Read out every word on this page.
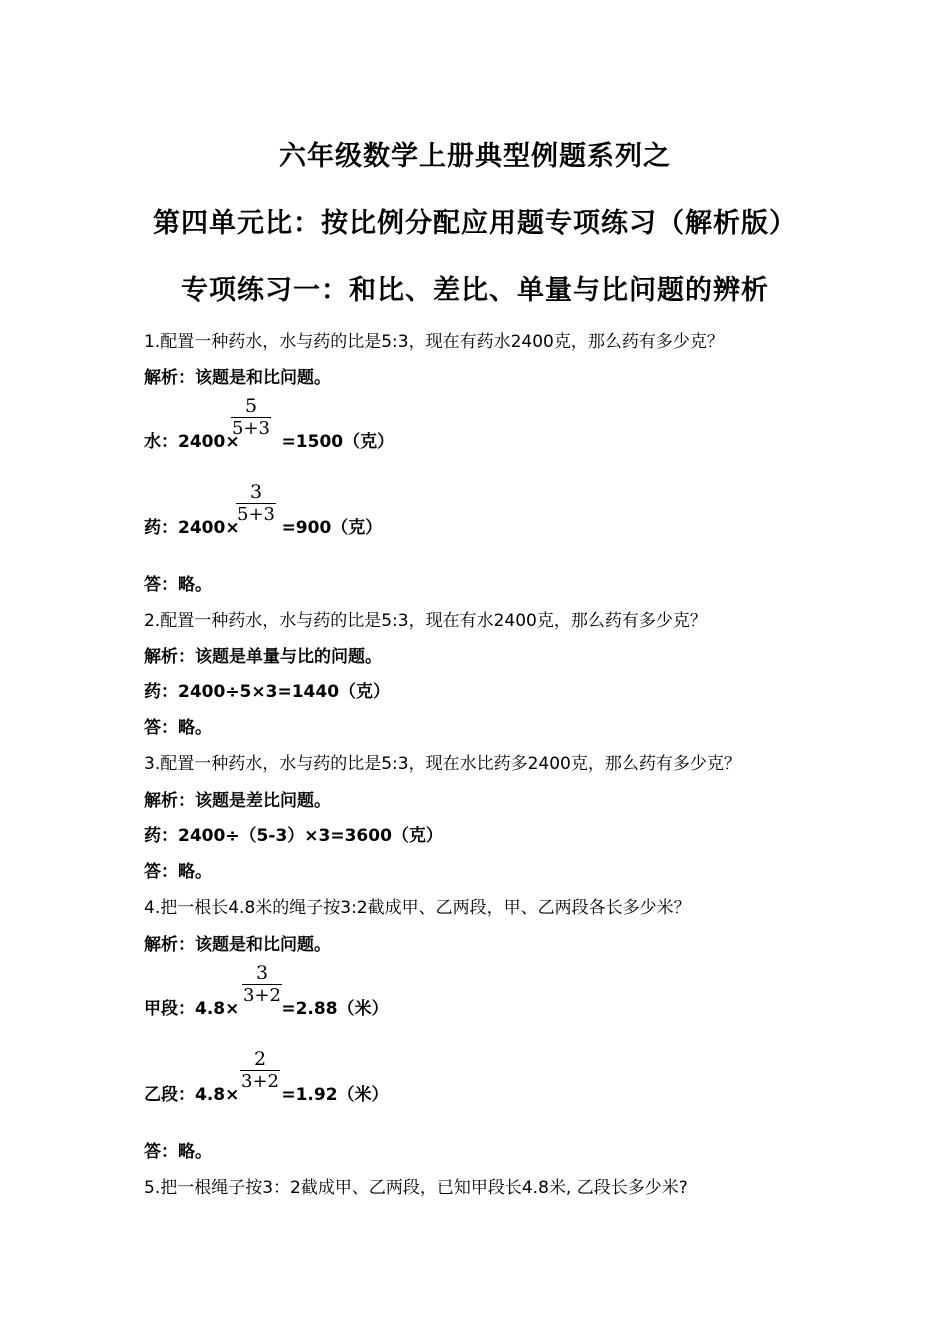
六年级数学上册典型例题系列之
第四单元比：按比例分配应用题专项练习（解析版）
专项练习一：和比、差比、单量与比问题的辨析
1.配置一种药水，水与药的比是5:3，现在有药水2400克，那么药有多少克？
解析：该题是和比问题。
水：2400× =1500（克）
5
5+3
药：2400× =900（克）
3
5+3
答：略。
2.配置一种药水，水与药的比是5:3，现在有水2400克，那么药有多少克？
解析：该题是单量与比的问题。
药：2400÷5×3=1440（克）
答：略。
3.配置一种药水，水与药的比是5:3，现在水比药多2400克，那么药有多少克？
解析：该题是差比问题。
药：2400÷（5-3）×3=3600（克）
答：略。
4.把一根长4.8米的绳子按3:2截成甲、乙两段，甲、乙两段各长多少米？
解析：该题是和比问题。
甲段：4.8× =2.88（米）
3
3+2
乙段：4.8× =1.92（米）
2
3+2
答：略。
5.把一根绳子按3：2截成甲、乙两段，已知甲段长4.8米, 乙段长多少米?
